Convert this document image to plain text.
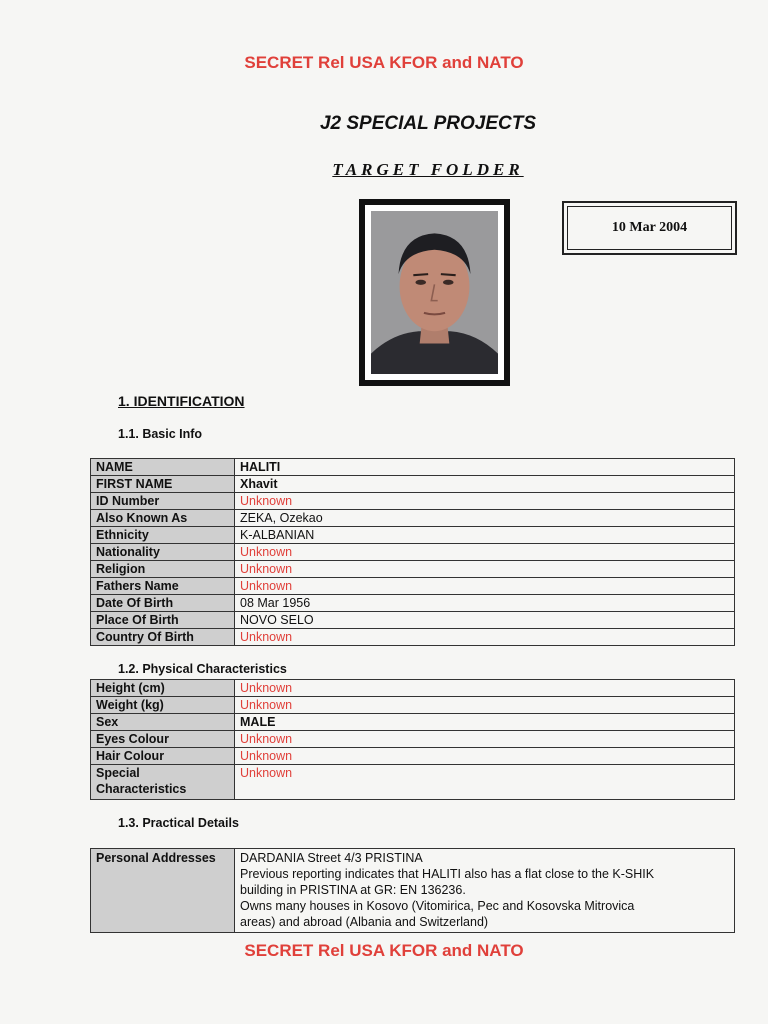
SECRET Rel USA KFOR and NATO
J2 SPECIAL PROJECTS
TARGET FOLDER
10 Mar 2004
1. IDENTIFICATION
1.1. Basic Info
NAME	HALITI
FIRST NAME	Xhavit
ID Number	Unknown
Also Known As	ZEKA, Ozekao
Ethnicity	K-ALBANIAN
Nationality	Unknown
Religion	Unknown
Fathers Name	Unknown
Date Of Birth	08 Mar 1956
Place Of Birth	NOVO SELO
Country Of Birth	Unknown
1.2. Physical Characteristics
Height (cm)	Unknown
Weight (kg)	Unknown
Sex	MALE
Eyes Colour	Unknown
Hair Colour	Unknown
Special Characteristics	Unknown
1.3. Practical Details
Personal Addresses	DARDANIA Street 4/3 PRISTINA
Previous reporting indicates that HALITI also has a flat close to the K-SHIK
building in PRISTINA at GR: EN 136236.
Owns many houses in Kosovo (Vitomirica, Pec and Kosovska Mitrovica
areas) and abroad (Albania and Switzerland)
SECRET Rel USA KFOR and NATO
